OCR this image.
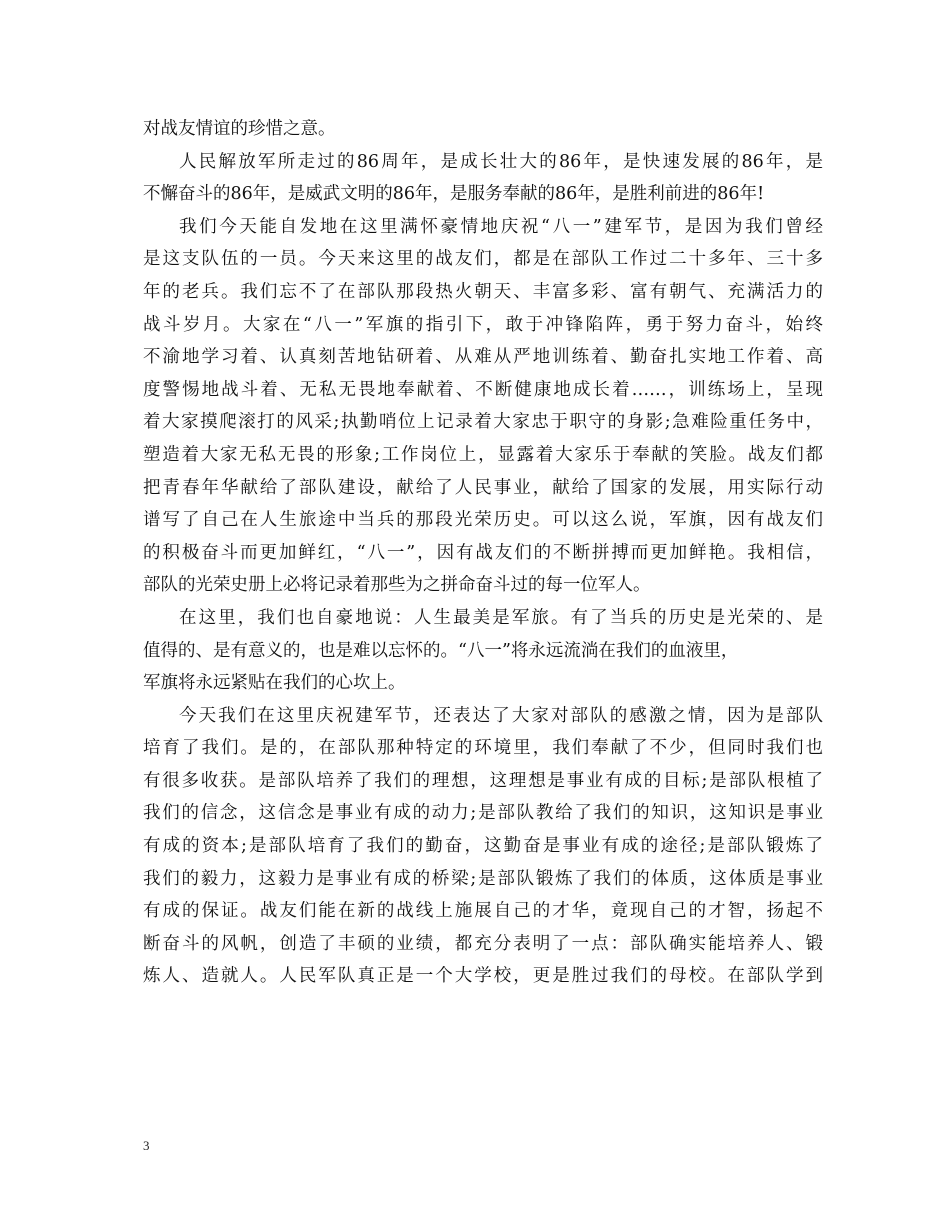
对战友情谊的珍惜之意。
人民解放军所走过的86周年，是成长壮大的86年，是快速发展的86年，是
不懈奋斗的86年，是威武文明的86年，是服务奉献的86年，是胜利前进的86年!
我们今天能自发地在这里满怀豪情地庆祝“八一”建军节，是因为我们曾经
是这支队伍的一员。今天来这里的战友们，都是在部队工作过二十多年、三十多
年的老兵。我们忘不了在部队那段热火朝天、丰富多彩、富有朝气、充满活力的
战斗岁月。大家在“八一”军旗的指引下，敢于冲锋陷阵，勇于努力奋斗，始终
不渝地学习着、认真刻苦地钻研着、从难从严地训练着、勤奋扎实地工作着、高
度警惕地战斗着、无私无畏地奉献着、不断健康地成长着……，训练场上，呈现
着大家摸爬滚打的风采;执勤哨位上记录着大家忠于职守的身影;急难险重任务中，
塑造着大家无私无畏的形象;工作岗位上，显露着大家乐于奉献的笑脸。战友们都
把青春年华献给了部队建设，献给了人民事业，献给了国家的发展，用实际行动
谱写了自己在人生旅途中当兵的那段光荣历史。可以这么说，军旗，因有战友们
的积极奋斗而更加鲜红，“八一”，因有战友们的不断拼搏而更加鲜艳。我相信，
部队的光荣史册上必将记录着那些为之拼命奋斗过的每一位军人。
在这里，我们也自豪地说：人生最美是军旅。有了当兵的历史是光荣的、是
值得的、是有意义的，也是难以忘怀的。“八一”将永远流淌在我们的血液里，
军旗将永远紧贴在我们的心坎上。
今天我们在这里庆祝建军节，还表达了大家对部队的感激之情，因为是部队
培育了我们。是的，在部队那种特定的环境里，我们奉献了不少，但同时我们也
有很多收获。是部队培养了我们的理想，这理想是事业有成的目标;是部队根植了
我们的信念，这信念是事业有成的动力;是部队教给了我们的知识，这知识是事业
有成的资本;是部队培育了我们的勤奋，这勤奋是事业有成的途径;是部队锻炼了
我们的毅力，这毅力是事业有成的桥梁;是部队锻炼了我们的体质，这体质是事业
有成的保证。战友们能在新的战线上施展自己的才华，竟现自己的才智，扬起不
断奋斗的风帆，创造了丰硕的业绩，都充分表明了一点：部队确实能培养人、锻
炼人、造就人。人民军队真正是一个大学校，更是胜过我们的母校。在部队学到
3
